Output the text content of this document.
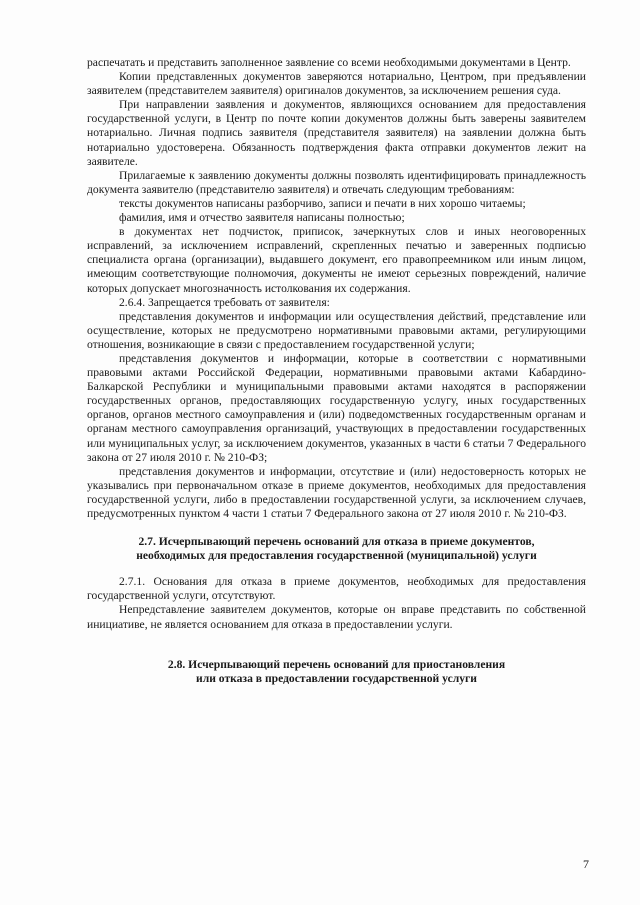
распечатать и представить заполненное заявление со всеми необходимыми документами в Центр.

Копии представленных документов заверяются нотариально, Центром, при предъявлении заявителем (представителем заявителя) оригиналов документов, за исключением решения суда.

При направлении заявления и документов, являющихся основанием для предоставления государственной услуги, в Центр по почте копии документов должны быть заверены заявителем нотариально. Личная подпись заявителя (представителя заявителя) на заявлении должна быть нотариально удостоверена. Обязанность подтверждения факта отправки документов лежит на заявителе.

Прилагаемые к заявлению документы должны позволять идентифицировать принадлежность документа заявителю (представителю заявителя) и отвечать следующим требованиям:

тексты документов написаны разборчиво, записи и печати в них хорошо читаемы;

фамилия, имя и отчество заявителя написаны полностью;

в документах нет подчисток, приписок, зачеркнутых слов и иных неоговоренных исправлений, за исключением исправлений, скрепленных печатью и заверенных подписью специалиста органа (организации), выдавшего документ, его правопреемником или иным лицом, имеющим соответствующие полномочия, документы не имеют серьезных повреждений, наличие которых допускает многозначность истолкования их содержания.

2.6.4. Запрещается требовать от заявителя:

представления документов и информации или осуществления действий, представление или осуществление, которых не предусмотрено нормативными правовыми актами, регулирующими отношения, возникающие в связи с предоставлением государственной услуги;

представления документов и информации, которые в соответствии с нормативными правовыми актами Российской Федерации, нормативными правовыми актами Кабардино-Балкарской Республики и муниципальными правовыми актами находятся в распоряжении государственных органов, предоставляющих государственную услугу, иных государственных органов, органов местного самоуправления и (или) подведомственных государственным органам и органам местного самоуправления организаций, участвующих в предоставлении государственных или муниципальных услуг, за исключением документов, указанных в части 6 статьи 7 Федерального закона от 27 июля 2010 г. № 210-ФЗ;

представления документов и информации, отсутствие и (или) недостоверность которых не указывались при первоначальном отказе в приеме документов, необходимых для предоставления государственной услуги, либо в предоставлении государственной услуги, за исключением случаев, предусмотренных пунктом 4 части 1 статьи 7 Федерального закона от 27 июля 2010 г. № 210-ФЗ.

2.7. Исчерпывающий перечень оснований для отказа в приеме документов,

необходимых для предоставления государственной (муниципальной) услуги

2.7.1. Основания для отказа в приеме документов, необходимых для предоставления государственной услуги, отсутствуют.

Непредставление заявителем документов, которые он вправе представить по собственной инициативе, не является основанием для отказа в предоставлении услуги.

2.8. Исчерпывающий перечень оснований для приостановления

или отказа в предоставлении государственной услуги

7
